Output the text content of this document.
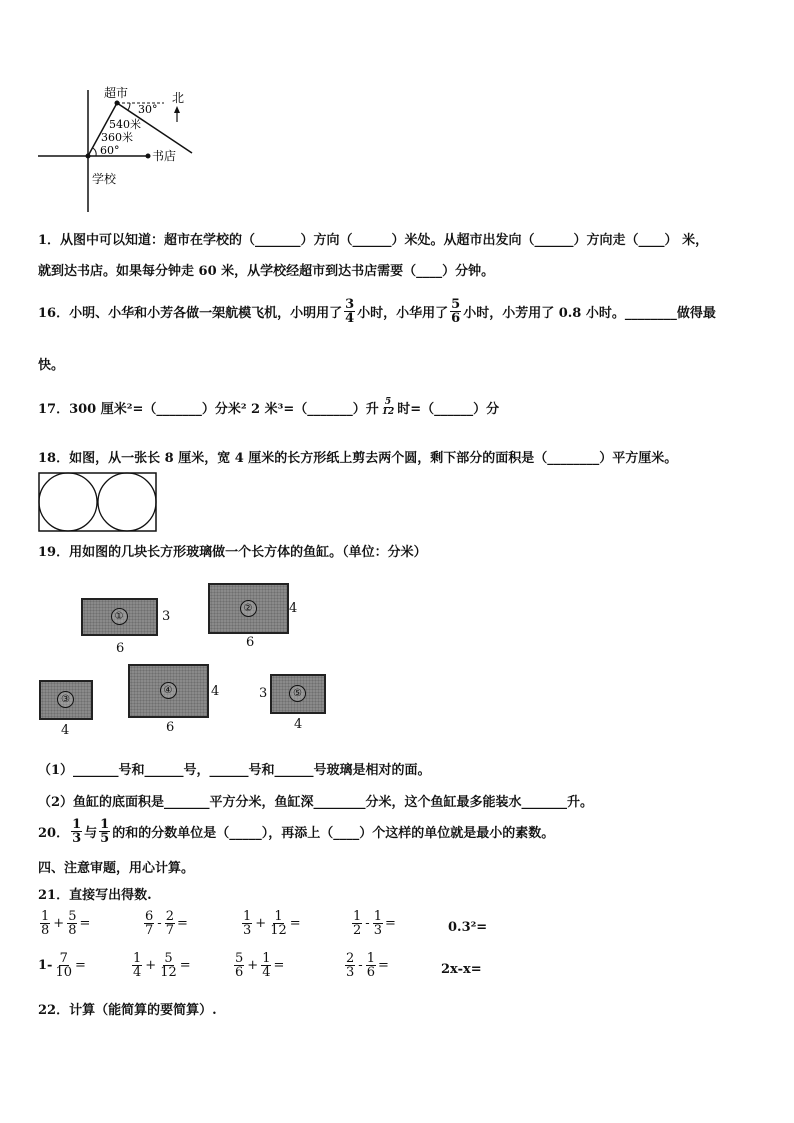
超市	北
30°
540米
360米
60°	书店
学校
1．从图中可以知道：超市在学校的（_______）方向（______）米处。从超市出发向（______）方向走（____） 米，
就到达书店。如果每分钟走 60 米，从学校经超市到达书店需要（____）分钟。
16．小明、小华和小芳各做一架航模飞机，小明用了 $\frac{3}{4}$ 小时，小华用了 $\frac{5}{6}$ 小时，小芳用了 0.8 小时。________做得最
快。
17．300 厘米²=（_______）分米² 2 米³=（_______）升 $\frac{5}{12}$ 时=（______）分
18．如图，从一张长 8 厘米，宽 4 厘米的长方形纸上剪去两个圆，剩下部分的面积是（________）平方厘米。
19．用如图的几块长方形玻璃做一个长方体的鱼缸。（单位：分米）
①	3
6
②	4
6
③
4
④	4
6
⑤
3
4
（1）_______号和______号，______号和______号玻璃是相对的面。
（2）鱼缸的底面积是_______平方分米，鱼缸深________分米，这个鱼缸最多能装水_______升。
20． $\frac{1}{3}$ 与 $\frac{1}{5}$ 的和的分数单位是（_____），再添上（____）个这样的单位就是最小的素数。
四、注意审题，用心计算。
21．直接写出得数.
$\frac{1}{8} + \frac{5}{8}$ =	$\frac{6}{7} - \frac{2}{7}$ =	$\frac{1}{3} + \frac{1}{12}$ =	$\frac{1}{2} - \frac{1}{3}$ =	0.3²=
$1- \frac{7}{10}$ =	$\frac{1}{4} + \frac{5}{12}$ =	$\frac{5}{6} + \frac{1}{4}$ =	$\frac{2}{3} - \frac{1}{6}$ =	2x-x=
22．计算（能简算的要简算）.
